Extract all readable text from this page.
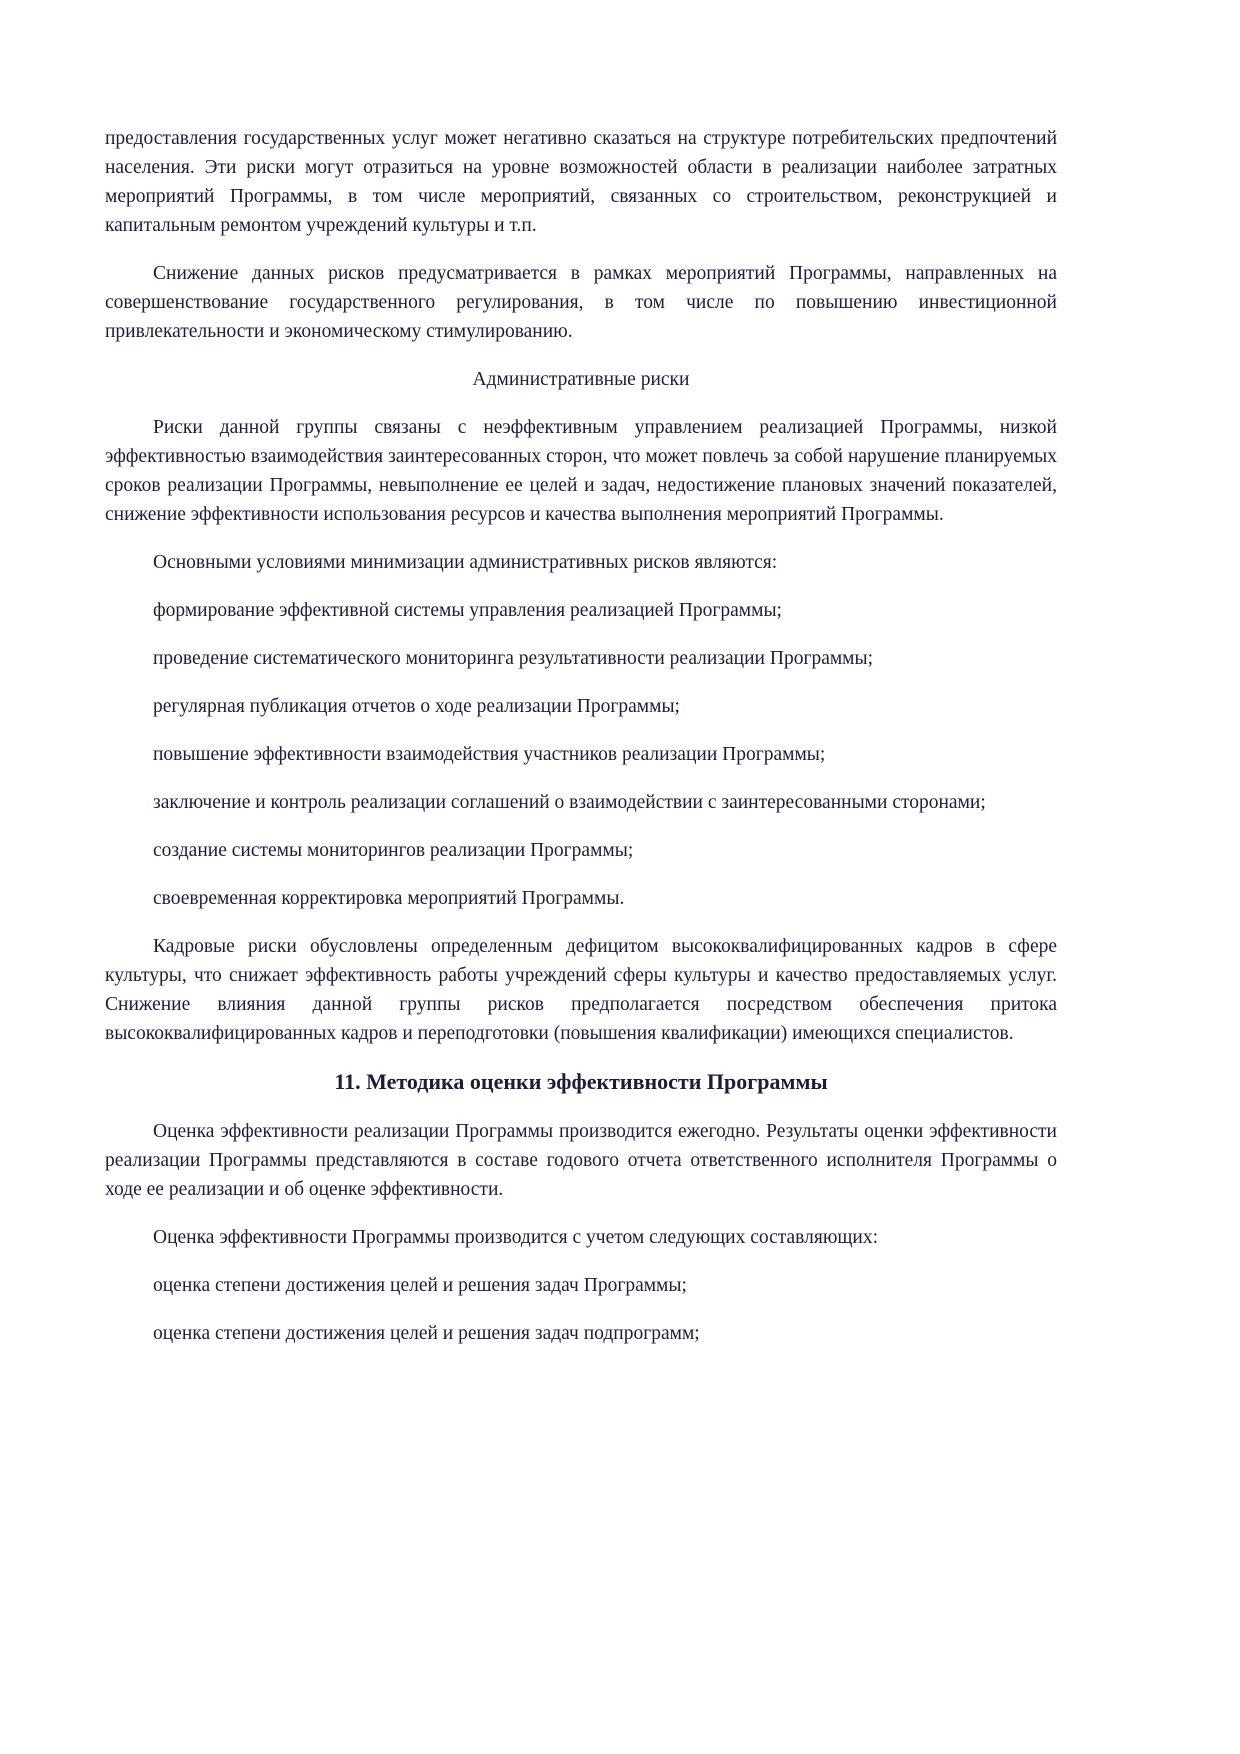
предоставления государственных услуг может негативно сказаться на структуре потребительских предпочтений населения. Эти риски могут отразиться на уровне возможностей области в реализации наиболее затратных мероприятий Программы, в том числе мероприятий, связанных со строительством, реконструкцией и капитальным ремонтом учреждений культуры и т.п.

Снижение данных рисков предусматривается в рамках мероприятий Программы, направленных на совершенствование государственного регулирования, в том числе по повышению инвестиционной привлекательности и экономическому стимулированию.

Административные риски

Риски данной группы связаны с неэффективным управлением реализацией Программы, низкой эффективностью взаимодействия заинтересованных сторон, что может повлечь за собой нарушение планируемых сроков реализации Программы, невыполнение ее целей и задач, недостижение плановых значений показателей, снижение эффективности использования ресурсов и качества выполнения мероприятий Программы.

Основными условиями минимизации административных рисков являются:

формирование эффективной системы управления реализацией Программы;

проведение систематического мониторинга результативности реализации Программы;

регулярная публикация отчетов о ходе реализации Программы;

повышение эффективности взаимодействия участников реализации Программы;

заключение и контроль реализации соглашений о взаимодействии с заинтересованными сторонами;

создание системы мониторингов реализации Программы;

своевременная корректировка мероприятий Программы.

Кадровые риски обусловлены определенным дефицитом высококвалифицированных кадров в сфере культуры, что снижает эффективность работы учреждений сферы культуры и качество предоставляемых услуг. Снижение влияния данной группы рисков предполагается посредством обеспечения притока высококвалифицированных кадров и переподготовки (повышения квалификации) имеющихся специалистов.

11. Методика оценки эффективности Программы

Оценка эффективности реализации Программы производится ежегодно. Результаты оценки эффективности реализации Программы представляются в составе годового отчета ответственного исполнителя Программы о ходе ее реализации и об оценке эффективности.

Оценка эффективности Программы производится с учетом следующих составляющих:

оценка степени достижения целей и решения задач Программы;

оценка степени достижения целей и решения задач подпрограмм;
